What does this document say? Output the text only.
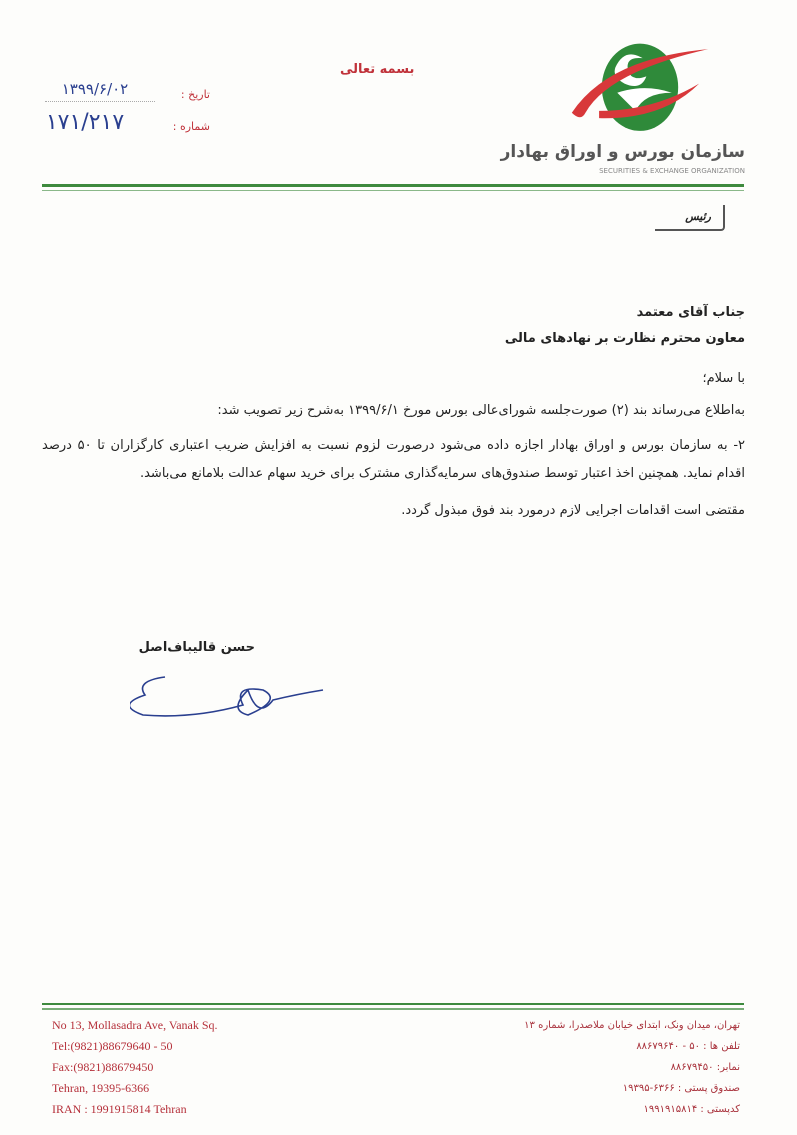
بسمه تعالی
۱۳۹۹/۶/۰۲	تاریخ :
۱۷۱/۲۱۷	شماره :
سازمان بورس و اوراق بهادار
SECURITIES & EXCHANGE ORGANIZATION
رئیس
جناب آقای معتمد
معاون محترم نظارت بر نهادهای مالی
با سلام؛
به‌اطلاع می‌رساند بند (۲) صورت‌جلسه شورای‌عالی بورس مورخ ۱۳۹۹/۶/۱ به‌شرح زیر تصویب شد:
۲- به سازمان بورس و اوراق بهادار اجازه داده می‌شود درصورت لزوم نسبت به افزایش ضریب اعتباری کارگزاران تا ۵۰ درصد اقدام نماید. همچنین اخذ اعتبار توسط صندوق‌های سرمایه‌گذاری مشترک برای خرید سهام عدالت بلامانع می‌باشد.
مقتضی است اقدامات اجرایی لازم درمورد بند فوق مبذول گردد.
حسن قالیباف‌اصل
No 13, Mollasadra Ave, Vanak Sq.
Tel:(9821)88679640 - 50
Fax:(9821)88679450
Tehran, 19395-6366
IRAN : 1991915814 Tehran
تهران، میدان ونک، ابتدای خیابان ملاصدرا، شماره ۱۳
تلفن ها : ۵۰ - ۸۸۶۷۹۶۴۰
نمابر: ۸۸۶۷۹۴۵۰
صندوق پستی : ۶۳۶۶-۱۹۳۹۵
کدپستی : ۱۹۹۱۹۱۵۸۱۴
